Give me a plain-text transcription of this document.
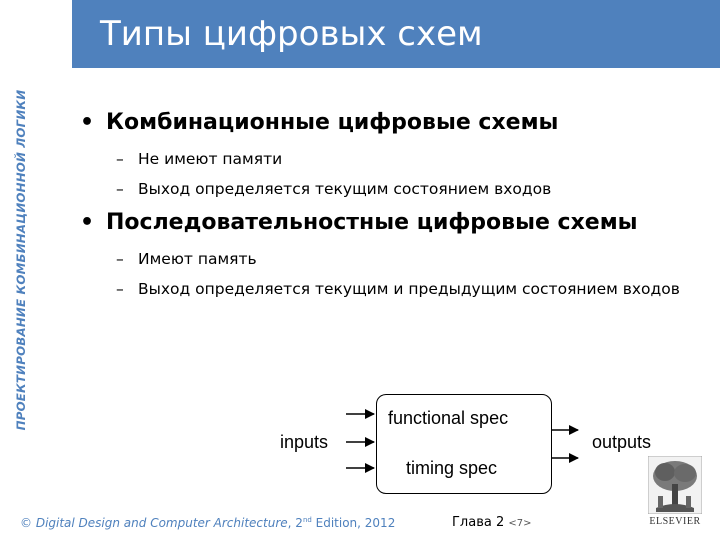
ПРОЕКТИРОВАНИЕ КОМБИНАЦИОННОЙ ЛОГИКИ
Типы цифровых схем
• Комбинационные цифровые схемы
– Не имеют памяти
– Выход определяется текущим состоянием входов
• Последовательностные цифровые схемы
– Имеют память
– Выход определяется текущим и предыдущим состоянием входов
inputs
functional spec
timing spec
outputs
© Digital Design and Computer Architecture, 2nd Edition, 2012	Глава 2 <7>	ELSEVIER
